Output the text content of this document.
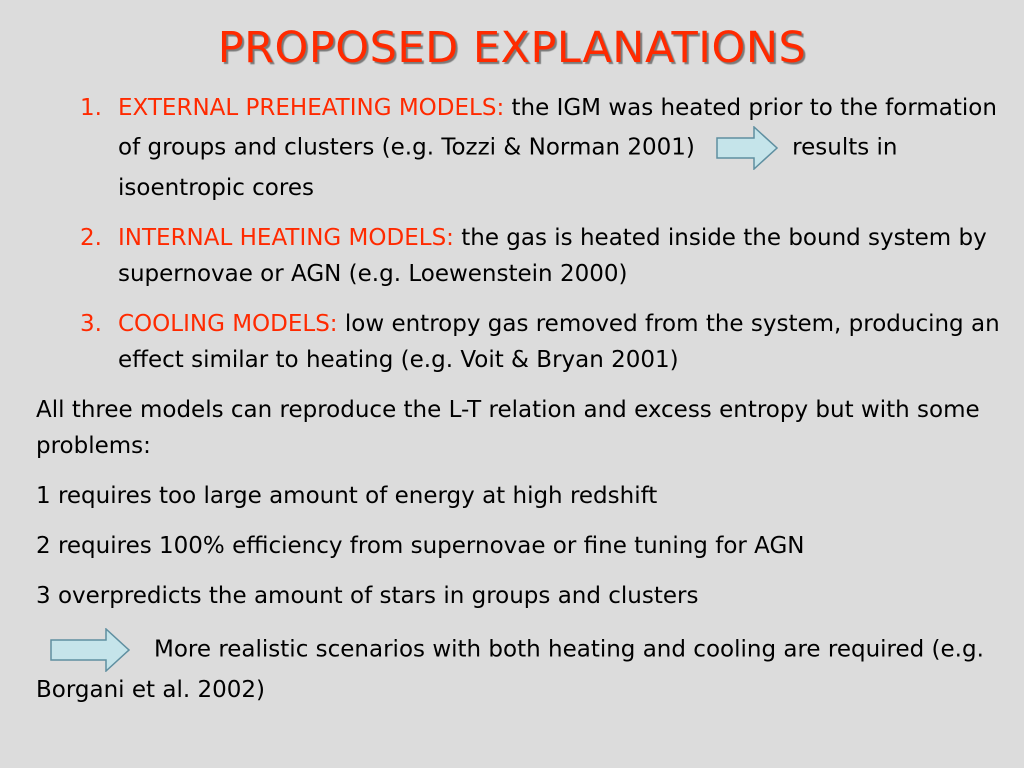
PROPOSED EXPLANATIONS
1. EXTERNAL PREHEATING MODELS: the IGM was heated prior to the formation of groups and clusters (e.g. Tozzi & Norman 2001)	results in isoentropic cores
2. INTERNAL HEATING MODELS: the gas is heated inside the bound system by supernovae or AGN (e.g. Loewenstein 2000)
3. COOLING MODELS: low entropy gas removed from the system, producing an effect similar to heating (e.g. Voit & Bryan 2001)

All three models can reproduce the L-T relation and excess entropy but with some problems:

1 requires too large amount of energy at high redshift

2 requires 100% efficiency from supernovae or fine tuning for AGN

3 overpredicts the amount of stars in groups and clusters

More realistic scenarios with both heating and cooling are required (e.g. Borgani et al. 2002)
